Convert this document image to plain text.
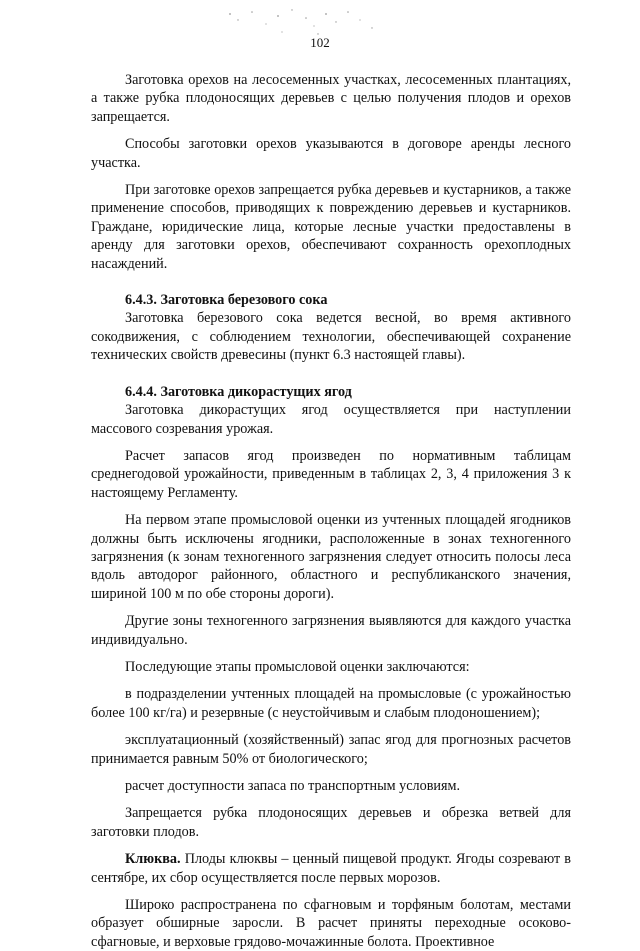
102

Заготовка орехов на лесосеменных участках, лесосеменных плантациях, а также рубка плодоносящих деревьев с целью получения плодов и орехов запрещается.

Способы заготовки орехов указываются в договоре аренды лесного участка.

При заготовке орехов запрещается рубка деревьев и кустарников, а также применение способов, приводящих к повреждению деревьев и кустарников. Граждане, юридические лица, которые лесные участки предоставлены в аренду для заготовки орехов, обеспечивают сохранность орехоплодных насаждений.

6.4.3. Заготовка березового сока

Заготовка березового сока ведется весной, во время активного сокодвижения, с соблюдением технологии, обеспечивающей сохранение технических свойств древесины (пункт 6.3 настоящей главы).

6.4.4. Заготовка дикорастущих ягод

Заготовка дикорастущих ягод осуществляется при наступлении массового созревания урожая.

Расчет запасов ягод произведен по нормативным таблицам среднегодовой урожайности, приведенным в таблицах 2, 3, 4 приложения 3 к настоящему Регламенту.

На первом этапе промысловой оценки из учтенных площадей ягодников должны быть исключены ягодники, расположенные в зонах техногенного загрязнения (к зонам техногенного загрязнения следует относить полосы леса вдоль автодорог районного, областного и республиканского значения, шириной 100 м по обе стороны дороги).

Другие зоны техногенного загрязнения выявляются для каждого участка индивидуально.

Последующие этапы промысловой оценки заключаются:

в подразделении учтенных площадей на промысловые (с урожайностью более 100 кг/га) и резервные (с неустойчивым и слабым плодоношением);

эксплуатационный (хозяйственный) запас ягод для прогнозных расчетов принимается равным 50% от биологического;

расчет доступности запаса по транспортным условиям.

Запрещается рубка плодоносящих деревьев и обрезка ветвей для заготовки плодов.

Клюква. Плоды клюквы – ценный пищевой продукт. Ягоды созревают в сентябре, их сбор осуществляется после первых морозов.

Широко распространена по сфагновым и торфяным болотам, местами образует обширные заросли. В расчет приняты переходные осоково-сфагновые, и верховые грядово-мочажинные болота. Проективное
